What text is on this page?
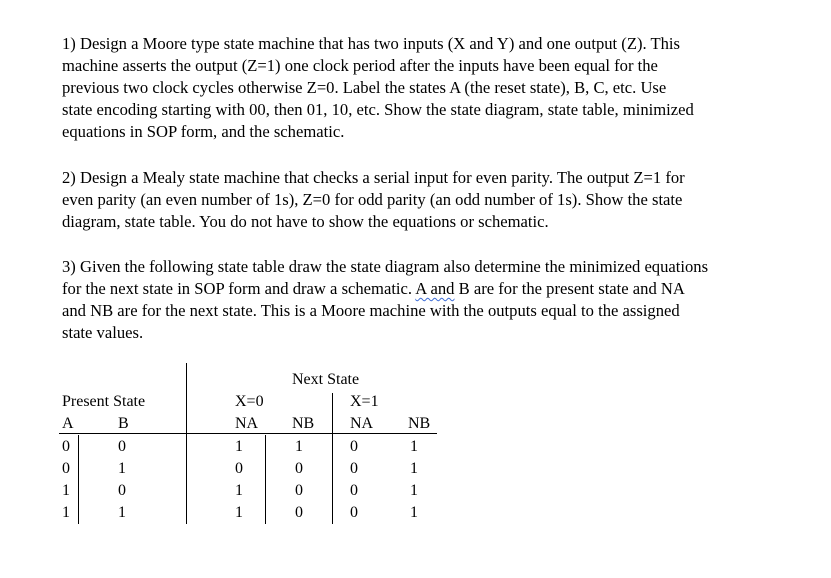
1) Design a Moore type state machine that has two inputs (X and Y) and one output (Z). This
machine asserts the output (Z=1) one clock period after the inputs have been equal for the
previous two clock cycles otherwise Z=0. Label the states A (the reset state), B, C, etc. Use
state encoding starting with 00, then 01, 10, etc. Show the state diagram, state table, minimized
equations in SOP form, and the schematic.
2) Design a Mealy state machine that checks a serial input for even parity. The output Z=1 for
even parity (an even number of 1s), Z=0 for odd parity (an odd number of 1s). Show the state
diagram, state table. You do not have to show the equations or schematic.
3) Given the following state table draw the state diagram also determine the minimized equations
for the next state in SOP form and draw a schematic. A and B are for the present state and NA
and NB are for the next state. This is a Moore machine with the outputs equal to the assigned
state values.
Next State
Present State	X=0	X=1
A	B	NA NB NA NB
0	0	1	1	0	1
0	1	0	0	0	1
1	0	1	0	0	1
1	1	1	0	0	1
